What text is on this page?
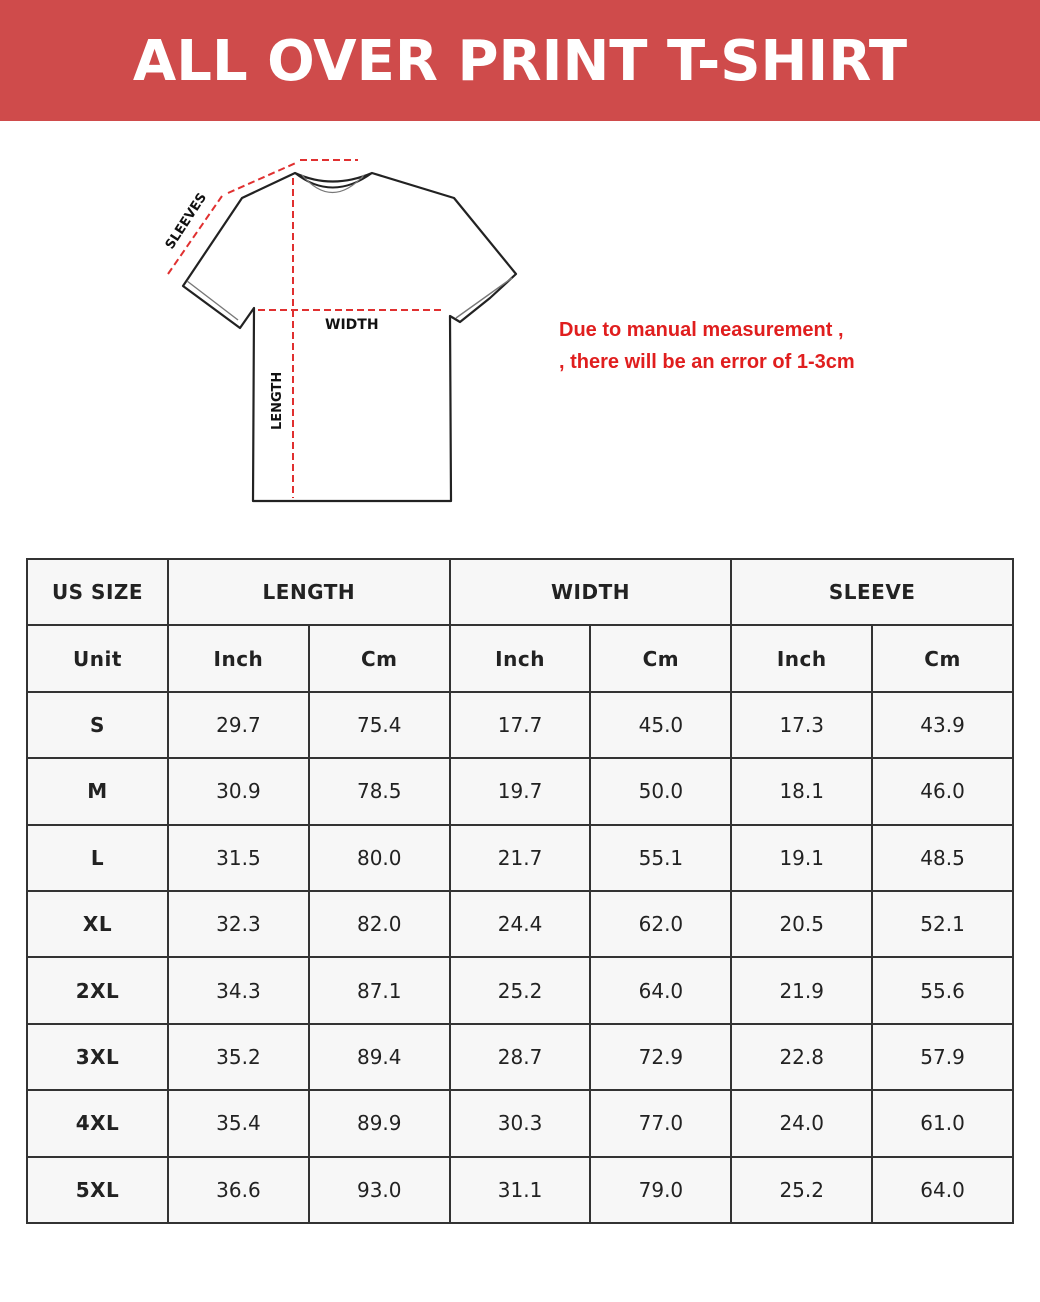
ALL OVER PRINT T-SHIRT
SLEEVES
WIDTH
LENGTH
Due to manual measurement ,
, there will be an error of 1-3cm
US SIZE	LENGTH		WIDTH		SLEEVE	
Unit	Inch	Cm	Inch	Cm	Inch	Cm
S	29.7	75.4	17.7	45.0	17.3	43.9
M	30.9	78.5	19.7	50.0	18.1	46.0
L	31.5	80.0	21.7	55.1	19.1	48.5
XL	32.3	82.0	24.4	62.0	20.5	52.1
2XL	34.3	87.1	25.2	64.0	21.9	55.6
3XL	35.2	89.4	28.7	72.9	22.8	57.9
4XL	35.4	89.9	30.3	77.0	24.0	61.0
5XL	36.6	93.0	31.1	79.0	25.2	64.0
